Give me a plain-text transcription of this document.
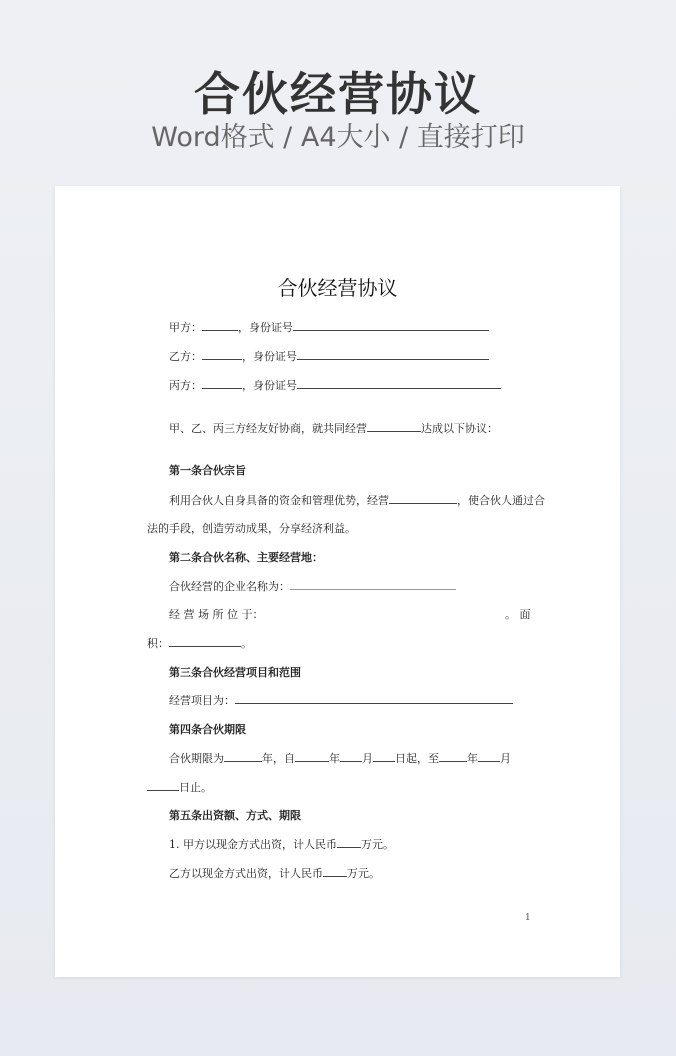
合伙经营协议
Word格式 / A4大小 / 直接打印
合伙经营协议
甲方：	，身份证号
乙方：	，身份证号
丙方：	，身份证号
甲、乙、丙三方经友好协商，就共同经营	达成以下协议：
第一条合伙宗旨
利用合伙人自身具备的资金和管理优势，经营	，使合伙人通过合
法的手段，创造劳动成果，分享经济利益。
第二条合伙名称、主要经营地：
合伙经营的企业名称为：
经 营 场 所 位 于：	。 面
积：	。
第三条合伙经营项目和范围
经营项目为：
第四条合伙期限
合伙期限为	年，自	年 月 日起，至	年 月
日止。
第五条出资额、方式、期限
1. 甲方以现金方式出资，计人民币 万元。
乙方以现金方式出资，计人民币 万元。
1
